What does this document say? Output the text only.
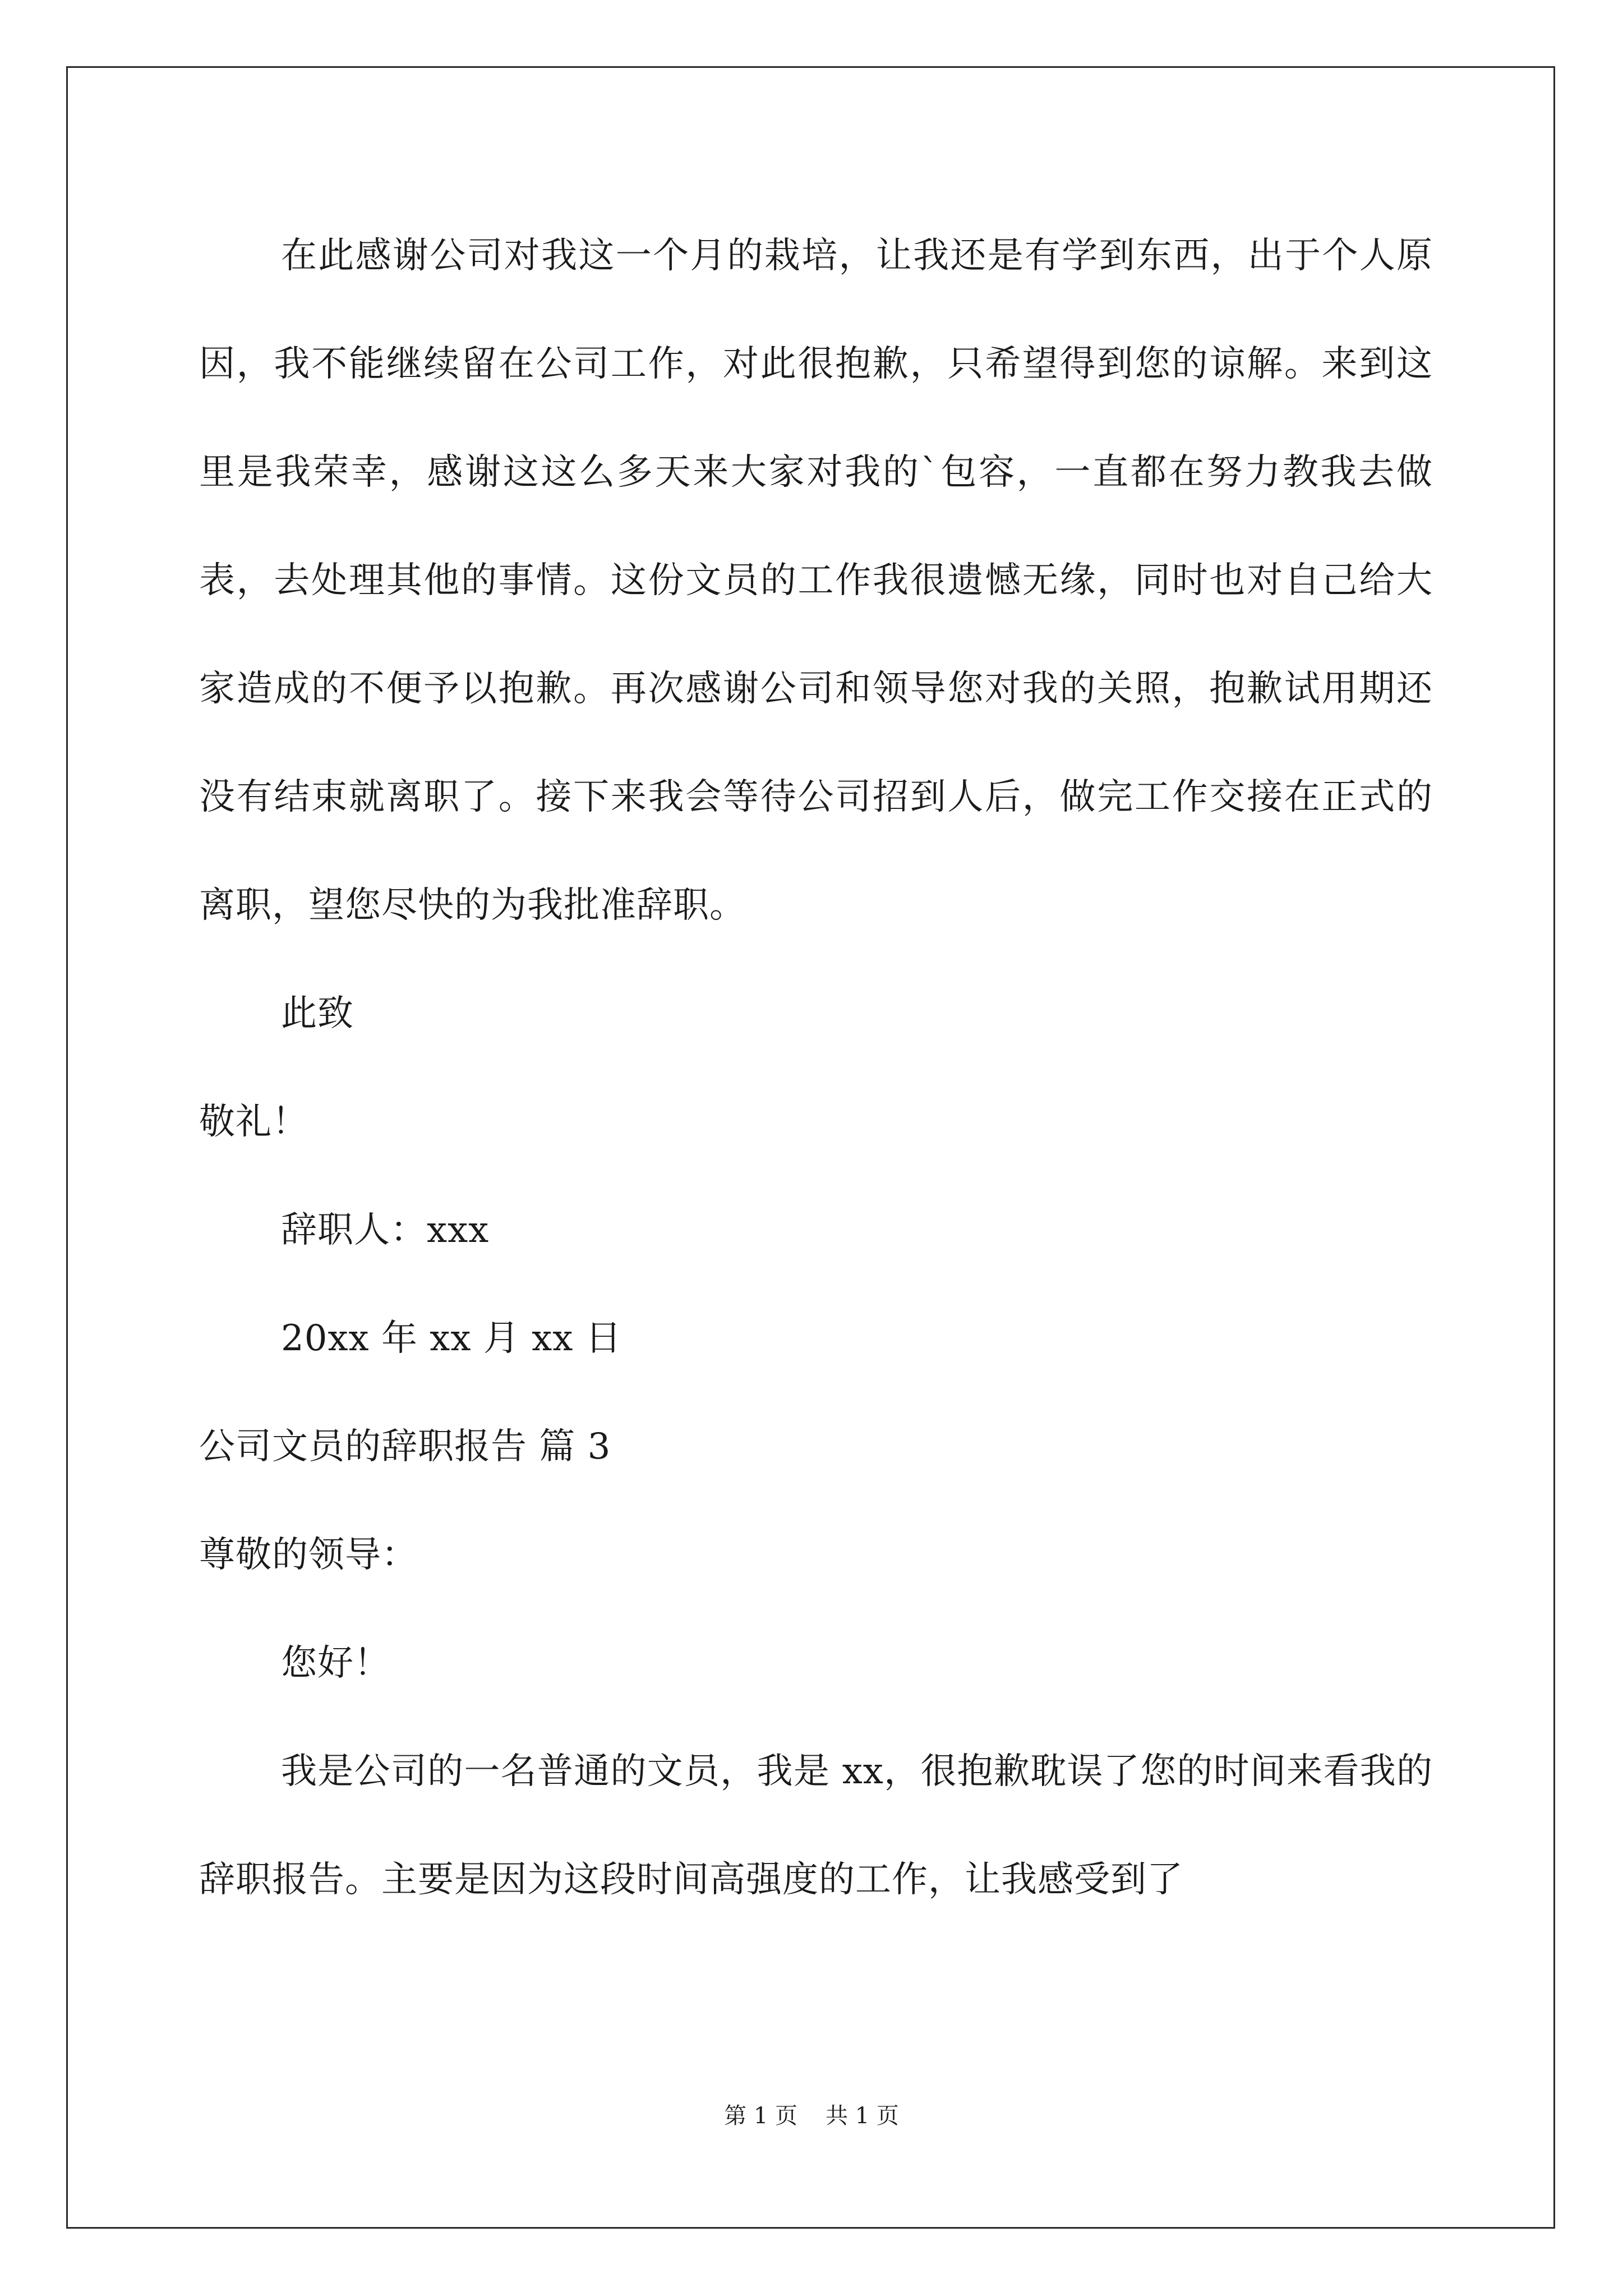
在此感谢公司对我这一个月的栽培，让我还是有学到东西，出于个人原因，我不能继续留在公司工作，对此很抱歉，只希望得到您的谅解。来到这里是我荣幸，感谢这这么多天来大家对我的`包容，一直都在努力教我去做表，去处理其他的事情。这份文员的工作我很遗憾无缘，同时也对自己给大家造成的不便予以抱歉。再次感谢公司和领导您对我的关照，抱歉试用期还没有结束就离职了。接下来我会等待公司招到人后，做完工作交接在正式的离职，望您尽快的为我批准辞职。

此致

敬礼！

辞职人：xxx

20xx 年 xx 月 xx 日

公司文员的辞职报告 篇 3

尊敬的领导：

您好！

我是公司的一名普通的文员，我是 xx，很抱歉耽误了您的时间来看我的辞职报告。主要是因为这段时间高强度的工作，让我感受到了

第 1 页 共 1 页
